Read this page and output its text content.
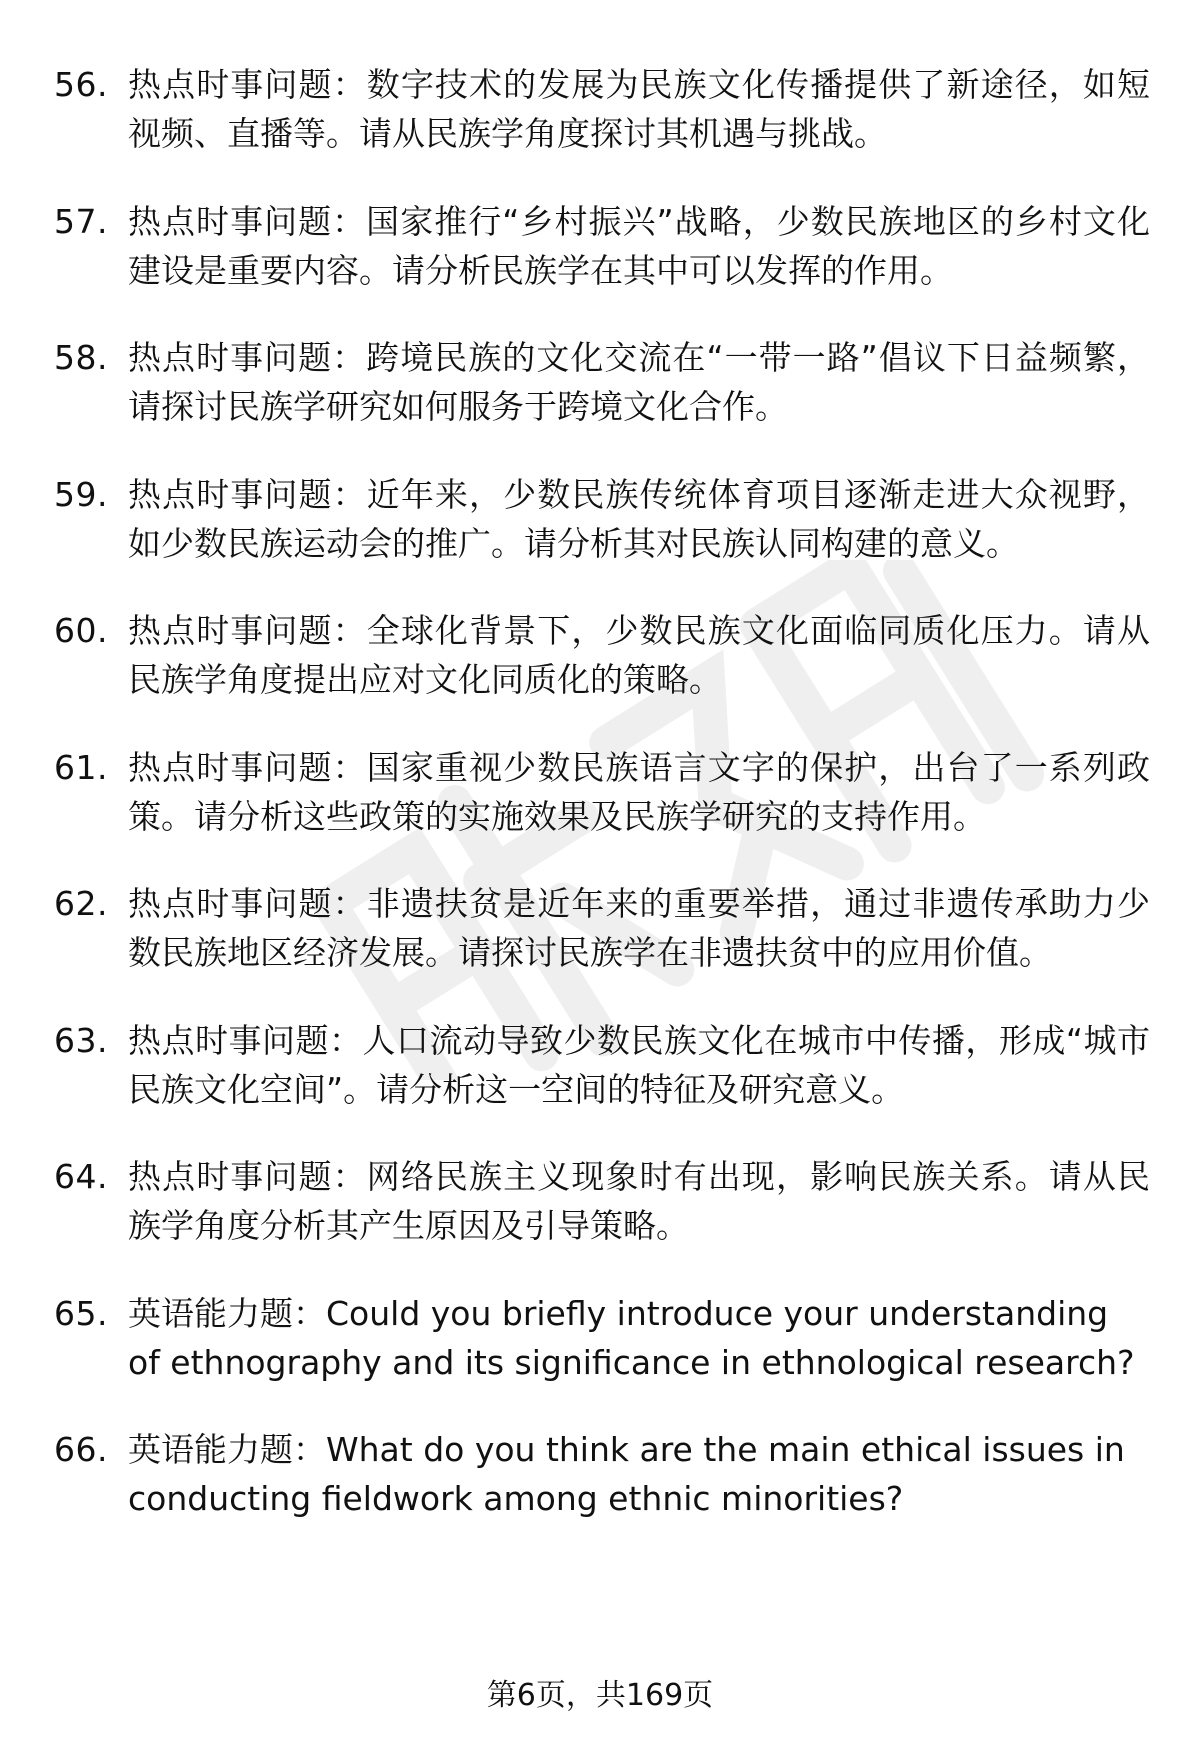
56. 热点时事问题：数字技术的发展为民族文化传播提供了新途径，如短视频、直播等。请从民族学角度探讨其机遇与挑战。
57. 热点时事问题：国家推行“乡村振兴”战略，少数民族地区的乡村文化建设是重要内容。请分析民族学在其中可以发挥的作用。
58. 热点时事问题：跨境民族的文化交流在“一带一路”倡议下日益频繁，请探讨民族学研究如何服务于跨境文化合作。
59. 热点时事问题：近年来，少数民族传统体育项目逐渐走进大众视野，如少数民族运动会的推广。请分析其对民族认同构建的意义。
60. 热点时事问题：全球化背景下，少数民族文化面临同质化压力。请从民族学角度提出应对文化同质化的策略。
61. 热点时事问题：国家重视少数民族语言文字的保护，出台了一系列政策。请分析这些政策的实施效果及民族学研究的支持作用。
62. 热点时事问题：非遗扶贫是近年来的重要举措，通过非遗传承助力少数民族地区经济发展。请探讨民族学在非遗扶贫中的应用价值。
63. 热点时事问题：人口流动导致少数民族文化在城市中传播，形成“城市民族文化空间”。请分析这一空间的特征及研究意义。
64. 热点时事问题：网络民族主义现象时有出现，影响民族关系。请从民族学角度分析其产生原因及引导策略。
65. 英语能力题：Could you briefly introduce your understanding of ethnography and its significance in ethnological research?
66. 英语能力题：What do you think are the main ethical issues in conducting fieldwork among ethnic minorities?
第6页，共169页
